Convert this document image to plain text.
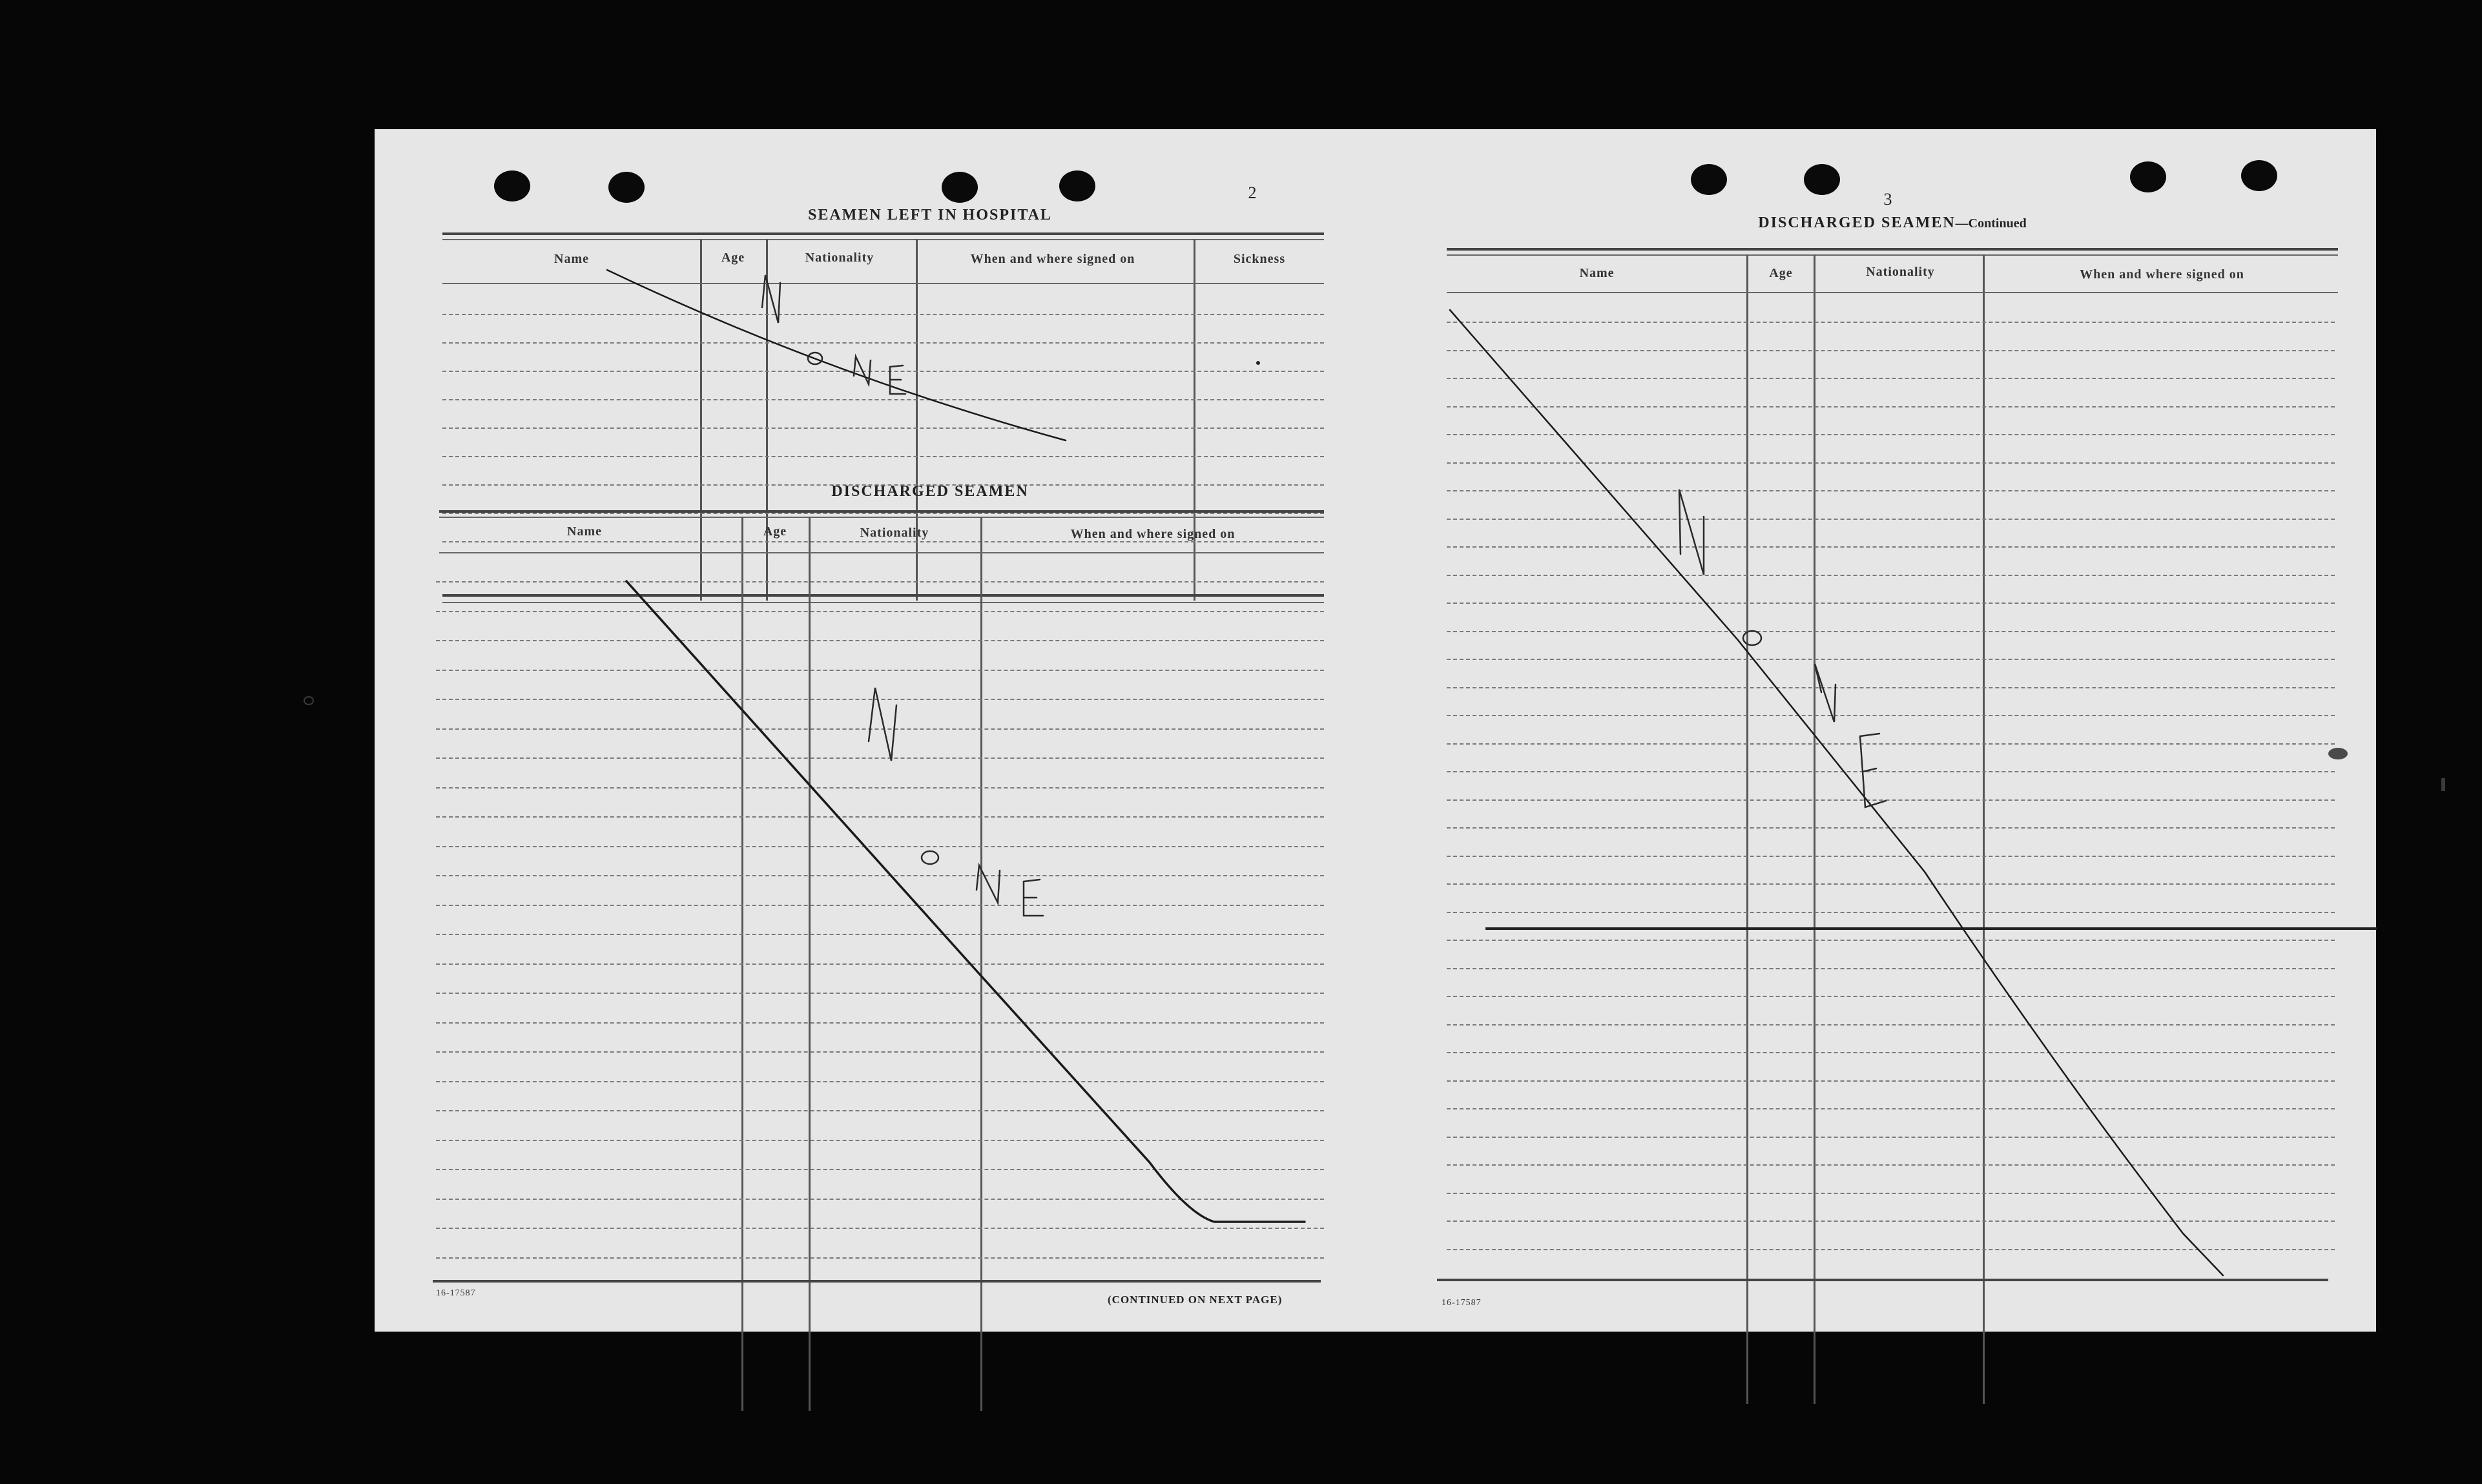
2
SEAMEN LEFT IN HOSPITAL
Name	Age	Nationality	When and where signed on	Sickness
DISCHARGED SEAMEN
Name	Age	Nationality	When and where signed on
16-17587
(CONTINUED ON NEXT PAGE)
3
DISCHARGED SEAMEN—Continued
Name	Age	Nationality	When and where signed on
16-17587
